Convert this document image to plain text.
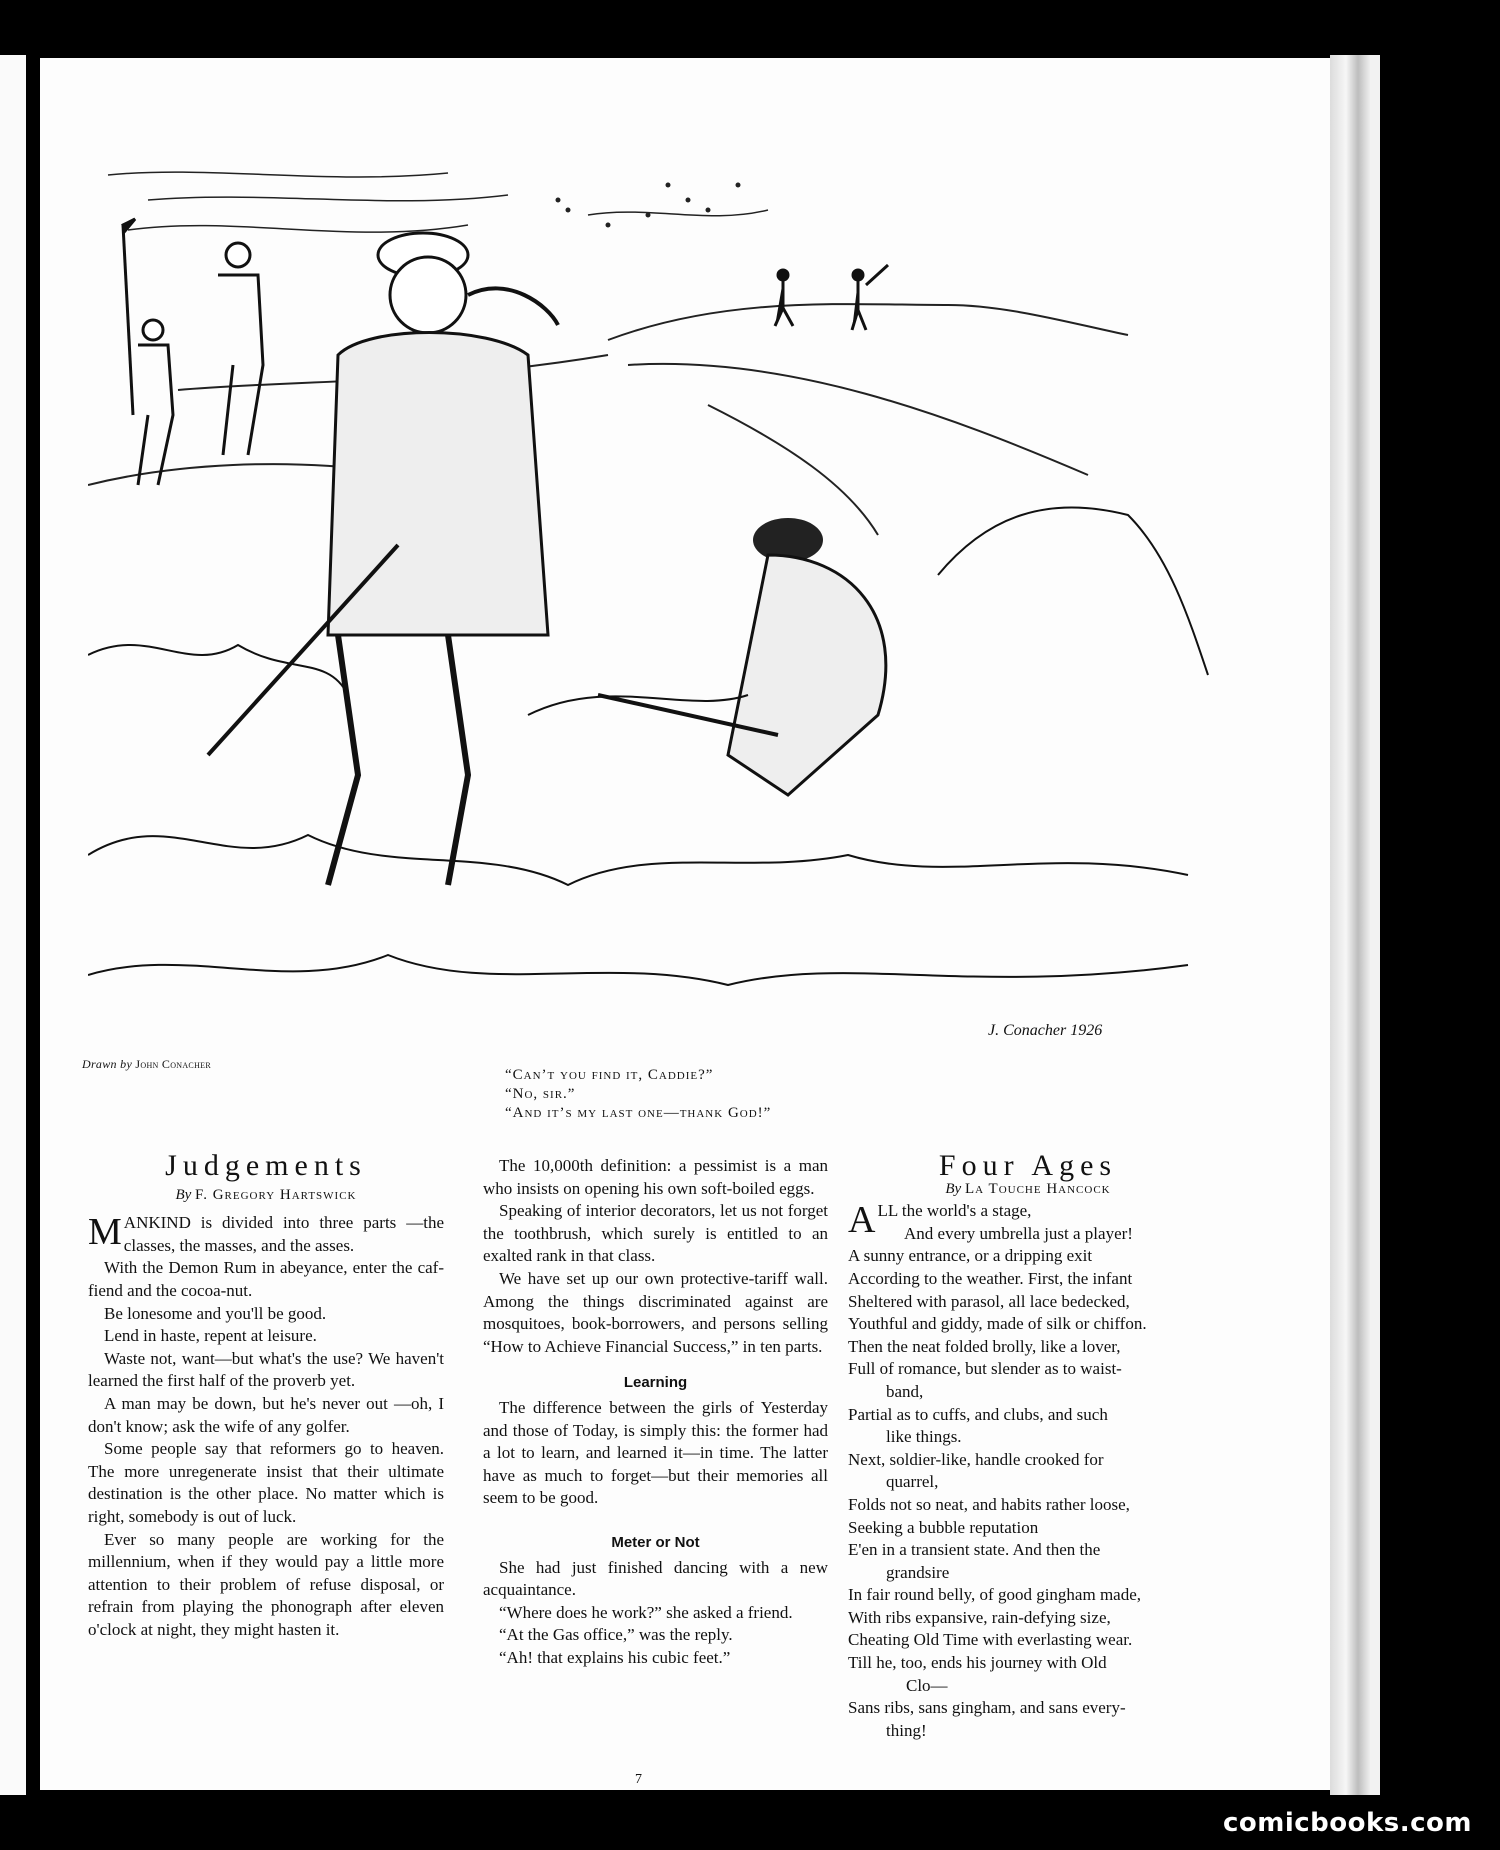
J. Conacher 1926
Drawn by John Conacher
“Can’t you find it, Caddie?”
“No, sir.”
“And it’s my last one—thank God!”
Judgements
By F. Gregory Hartswick

MANKIND is divided into three parts —the classes, the masses, and the asses.

With the Demon Rum in abeyance, enter the caf-fiend and the cocoa-nut.

Be lonesome and you'll be good.

Lend in haste, repent at leisure.

Waste not, want—but what's the use? We haven't learned the first half of the proverb yet.

A man may be down, but he's never out —oh, I don't know; ask the wife of any golfer.

Some people say that reformers go to heaven. The more unregenerate insist that their ultimate destination is the other place. No matter which is right, somebody is out of luck.

Ever so many people are working for the millennium, when if they would pay a little more attention to their problem of refuse disposal, or refrain from playing the phonograph after eleven o'clock at night, they might hasten it.

The 10,000th definition: a pessimist is a man who insists on opening his own soft-boiled eggs.

Speaking of interior decorators, let us not forget the toothbrush, which surely is entitled to an exalted rank in that class.

We have set up our own protective-tariff wall. Among the things discriminated against are mosquitoes, book-borrowers, and persons selling “How to Achieve Financial Success,” in ten parts.

Learning

The difference between the girls of Yesterday and those of Today, is simply this: the former had a lot to learn, and learned it—in time. The latter have as much to forget—but their memories all seem to be good.

Meter or Not

She had just finished dancing with a new acquaintance.

“Where does he work?” she asked a friend.

“At the Gas office,” was the reply.

“Ah! that explains his cubic feet.”

Four Ages
By La Touche Hancock
ALL the world's a stage,
And every umbrella just a player!
A sunny entrance, or a dripping exit
According to the weather. First, the infant
Sheltered with parasol, all lace bedecked,
Youthful and giddy, made of silk or chiffon.
Then the neat folded brolly, like a lover,
Full of romance, but slender as to waist-
band,
Partial as to cuffs, and clubs, and such
like things.
Next, soldier-like, handle crooked for
quarrel,
Folds not so neat, and habits rather loose,
Seeking a bubble reputation
E'en in a transient state. And then the
grandsire
In fair round belly, of good gingham made,
With ribs expansive, rain-defying size,
Cheating Old Time with everlasting wear.
Till he, too, ends his journey with Old
Clo—
Sans ribs, sans gingham, and sans every-
thing!
7
comicbooks.com
